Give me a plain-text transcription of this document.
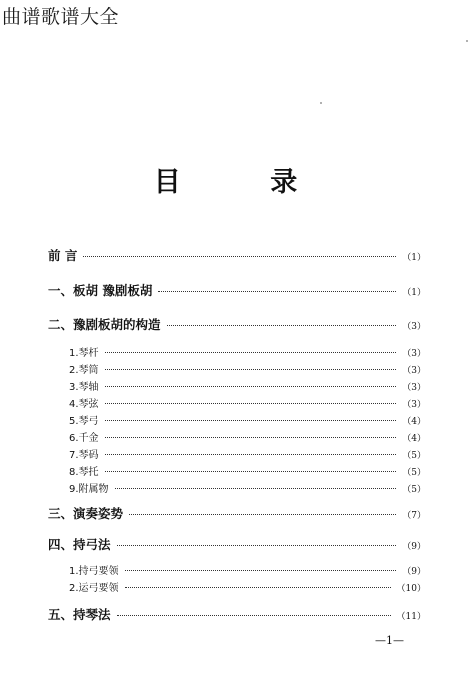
曲谱歌谱大全
目 录
前 言	（1）
一、板胡 豫剧板胡	（1）
二、豫剧板胡的构造	（3）
1.琴杆	（3）
2.琴筒	（3）
3.琴轴	（3）
4.琴弦	（3）
5.琴弓	（4）
6.千金	（4）
7.琴码	（5）
8.琴托	（5）
9.附属物	（5）
三、演奏姿势	（7）
四、持弓法	（9）
1.持弓要领	（9）
2.运弓要领	（10）
五、持琴法	（11）
—1—
